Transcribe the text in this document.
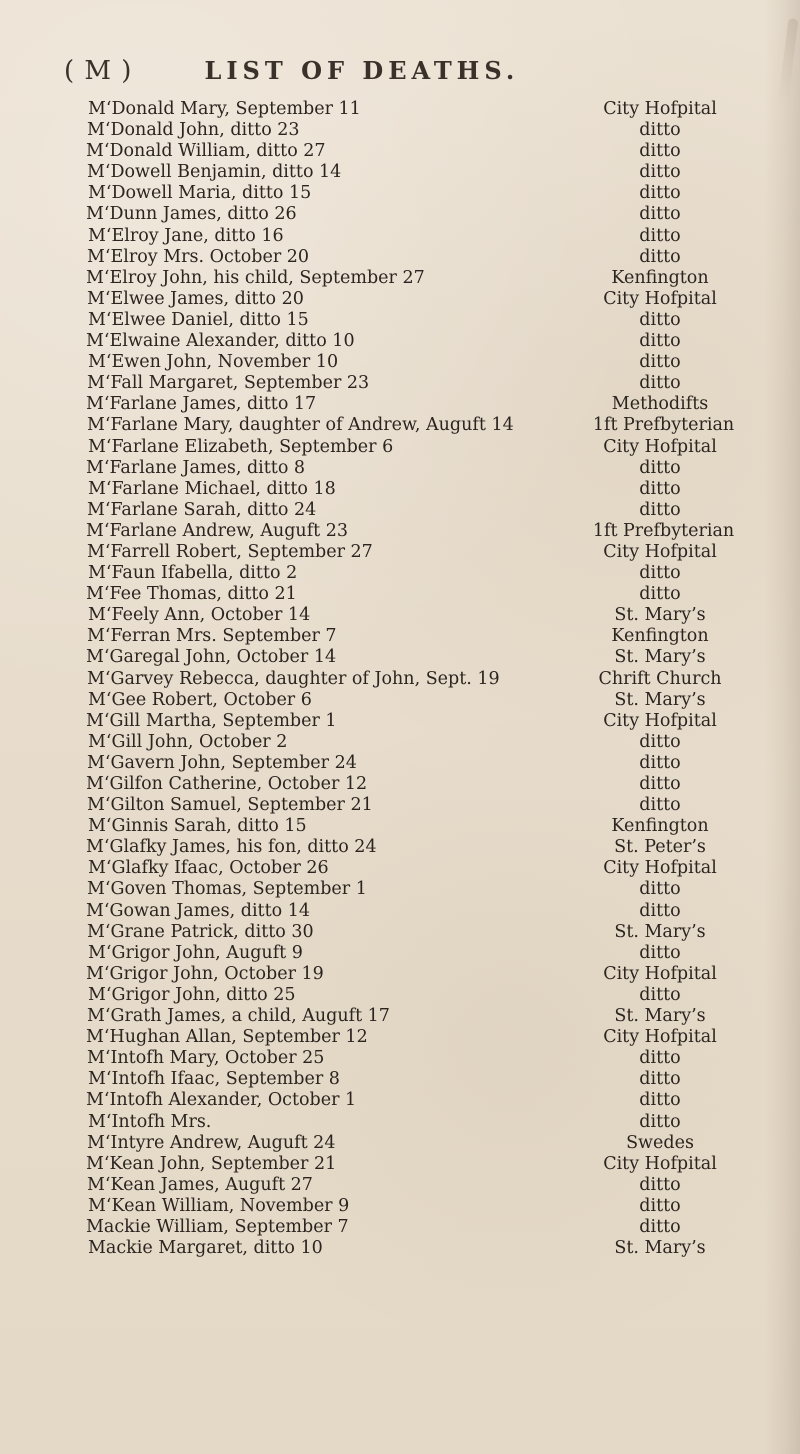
( M )	LIST OF DEATHS.
M‘Donald Mary, September 11	City Hofpital
M‘Donald John, ditto 23	ditto
M‘Donald William, ditto 27	ditto
M‘Dowell Benjamin, ditto 14	ditto
M‘Dowell Maria, ditto 15	ditto
M‘Dunn James, ditto 26	ditto
M‘Elroy Jane, ditto 16	ditto
M‘Elroy Mrs. October 20	ditto
M‘Elroy John, his child, September 27	Kenfington
M‘Elwee James, ditto 20	City Hofpital
M‘Elwee Daniel, ditto 15	ditto
M‘Elwaine Alexander, ditto 10	ditto
M‘Ewen John, November 10	ditto
M‘Fall Margaret, September 23	ditto
M‘Farlane James, ditto 17	Methodifts
M‘Farlane Mary, daughter of Andrew, Auguft 14	1ft Prefbyterian
M‘Farlane Elizabeth, September 6	City Hofpital
M‘Farlane James, ditto 8	ditto
M‘Farlane Michael, ditto 18	ditto
M‘Farlane Sarah, ditto 24	ditto
M‘Farlane Andrew, Auguft 23	1ft Prefbyterian
M‘Farrell Robert, September 27	City Hofpital
M‘Faun Ifabella, ditto 2	ditto
M‘Fee Thomas, ditto 21	ditto
M‘Feely Ann, October 14	St. Mary’s
M‘Ferran Mrs. September 7	Kenfington
M‘Garegal John, October 14	St. Mary’s
M‘Garvey Rebecca, daughter of John, Sept. 19	Chrift Church
M‘Gee Robert, October 6	St. Mary’s
M‘Gill Martha, September 1	City Hofpital
M‘Gill John, October 2	ditto
M‘Gavern John, September 24	ditto
M‘Gilfon Catherine, October 12	ditto
M‘Gilton Samuel, September 21	ditto
M‘Ginnis Sarah, ditto 15	Kenfington
M‘Glafky James, his fon, ditto 24	St. Peter’s
M‘Glafky Ifaac, October 26	City Hofpital
M‘Goven Thomas, September 1	ditto
M‘Gowan James, ditto 14	ditto
M‘Grane Patrick, ditto 30	St. Mary’s
M‘Grigor John, Auguft 9	ditto
M‘Grigor John, October 19	City Hofpital
M‘Grigor John, ditto 25	ditto
M‘Grath James, a child, Auguft 17	St. Mary’s
M‘Hughan Allan, September 12	City Hofpital
M‘Intofh Mary, October 25	ditto
M‘Intofh Ifaac, September 8	ditto
M‘Intofh Alexander, October 1	ditto
M‘Intofh Mrs.	ditto
M‘Intyre Andrew, Auguft 24	Swedes
M‘Kean John, September 21	City Hofpital
M‘Kean James, Auguft 27	ditto
M‘Kean William, November 9	ditto
Mackie William, September 7	ditto
Mackie Margaret, ditto 10	St. Mary’s
